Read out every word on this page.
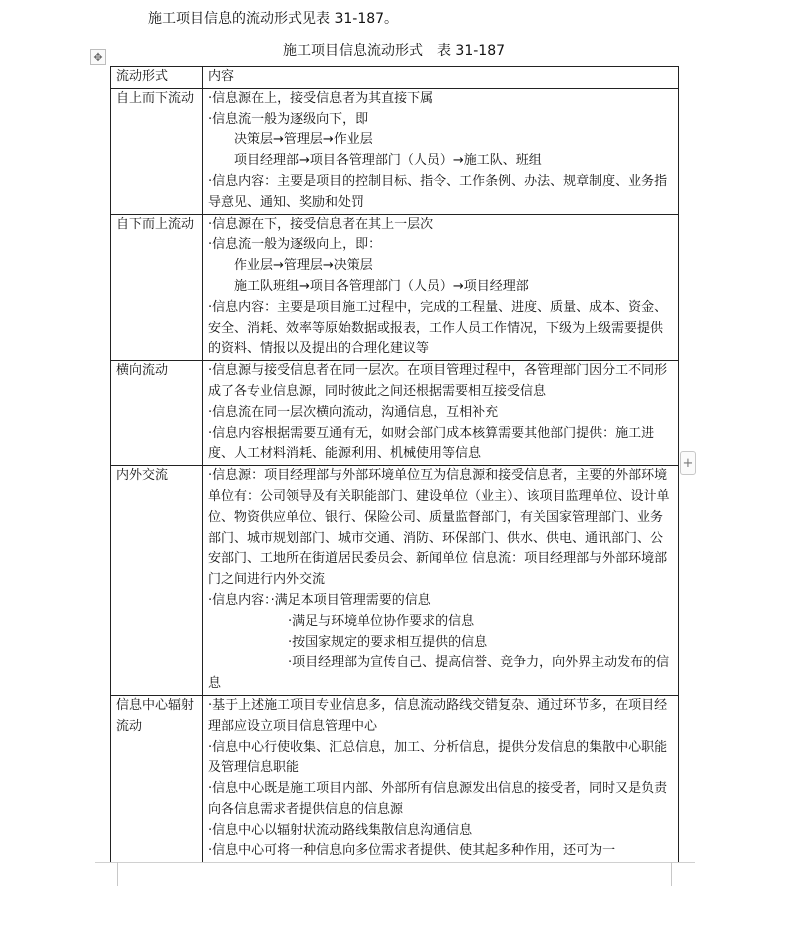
施工项目信息的流动形式见表 31-187。
✥	施工项目信息流动形式　表 31-187
流动形式	内容
自上而下流动	·信息源在上，接受信息者为其直接下属
·信息流一般为逐级向下，即
决策层→管理层→作业层
项目经理部→项目各管理部门（人员）→施工队、班组
·信息内容：主要是项目的控制目标、指令、工作条例、办法、规章制度、业务指导意见、通知、奖励和处罚

自下而上流动	·信息源在下，接受信息者在其上一层次
·信息流一般为逐级向上，即：
作业层→管理层→决策层
施工队班组→项目各管理部门（人员）→项目经理部
·信息内容：主要是项目施工过程中，完成的工程量、进度、质量、成本、资金、安全、消耗、效率等原始数据或报表，工作人员工作情况，下级为上级需要提供的资料、情报以及提出的合理化建议等

横向流动	·信息源与接受信息者在同一层次。在项目管理过程中，各管理部门因分工不同形成了各专业信息源，同时彼此之间还根据需要相互接受信息
·信息流在同一层次横向流动，沟通信息，互相补充
·信息内容根据需要互通有无，如财会部门成本核算需要其他部门提供：施工进度、人工材料消耗、能源利用、机械使用等信息

内外交流	·信息源：项目经理部与外部环境单位互为信息源和接受信息者，主要的外部环境单位有：公司领导及有关职能部门、建设单位（业主）、该项目监理单位、设计单位、物资供应单位、银行、保险公司、质量监督部门，有关国家管理部门、业务部门、城市规划部门、城市交通、消防、环保部门、供水、供电、通讯部门、公安部门、工地所在街道居民委员会、新闻单位 信息流：项目经理部与外部环境部门之间进行内外交流
·信息内容：·满足本项目管理需要的信息
·满足与环境单位协作要求的信息
·按国家规定的要求相互提供的信息
·项目经理部为宣传自己、提高信誉、竞争力，向外界主动发布的信息

信息中心辐射流动	·基于上述施工项目专业信息多，信息流动路线交错复杂、通过环节多，在项目经理部应设立项目信息管理中心
·信息中心行使收集、汇总信息，加工、分析信息，提供分发信息的集散中心职能及管理信息职能
·信息中心既是施工项目内部、外部所有信息源发出信息的接受者，同时又是负责向各信息需求者提供信息的信息源
·信息中心以辐射状流动路线集散信息沟通信息
·信息中心可将一种信息向多位需求者提供、使其起多种作用，还可为一
+
